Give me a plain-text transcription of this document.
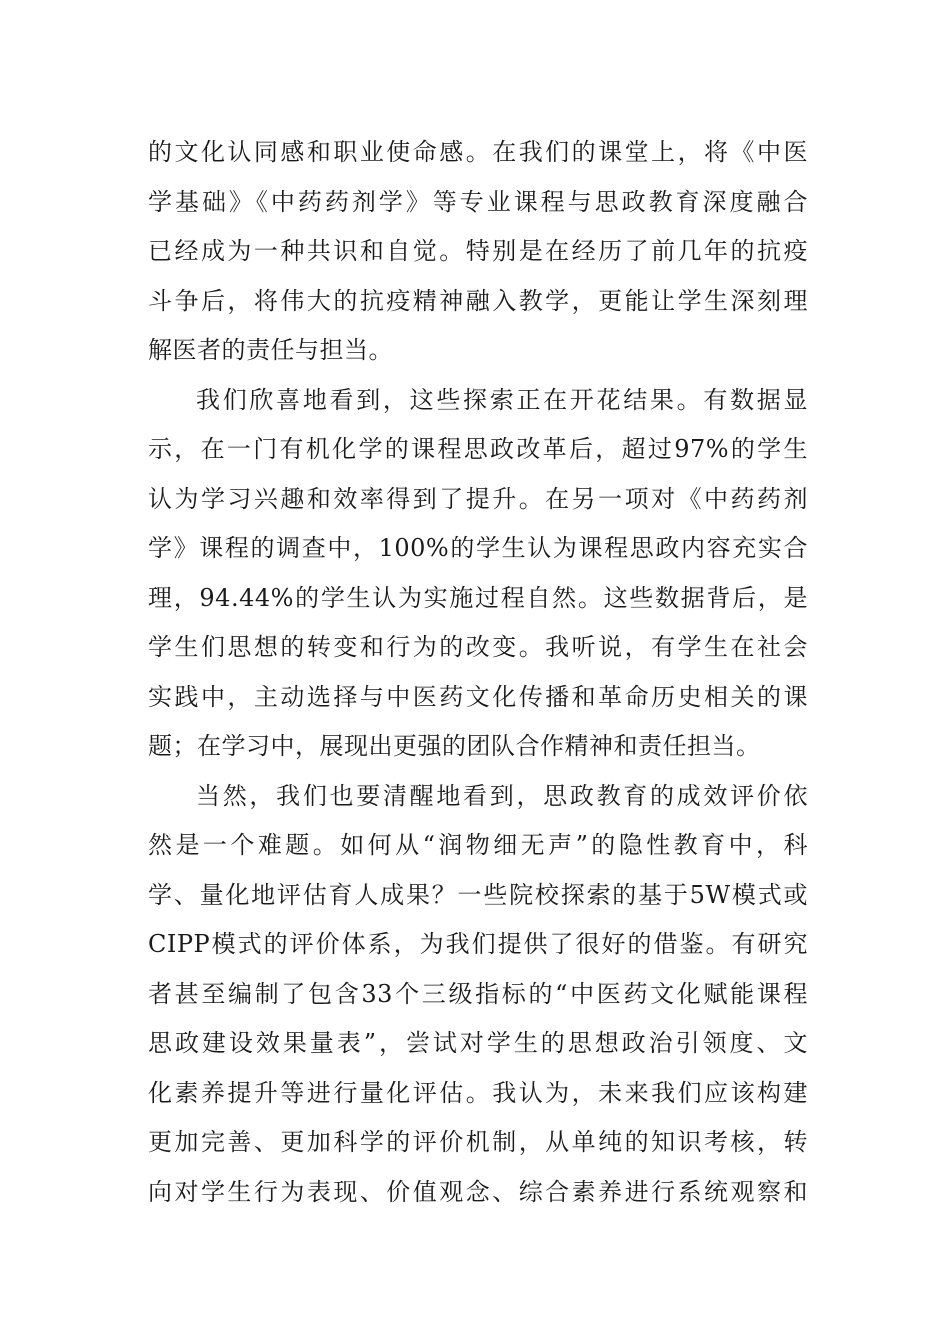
的文化认同感和职业使命感。在我们的课堂上，将《中医
学基础》《中药药剂学》等专业课程与思政教育深度融合
已经成为一种共识和自觉。特别是在经历了前几年的抗疫
斗争后，将伟大的抗疫精神融入教学，更能让学生深刻理
解医者的责任与担当。
我们欣喜地看到，这些探索正在开花结果。有数据显
示，在一门有机化学的课程思政改革后，超过97%的学生
认为学习兴趣和效率得到了提升。在另一项对《中药药剂
学》课程的调查中，100%的学生认为课程思政内容充实合
理，94.44%的学生认为实施过程自然。这些数据背后，是
学生们思想的转变和行为的改变。我听说，有学生在社会
实践中，主动选择与中医药文化传播和革命历史相关的课
题；在学习中，展现出更强的团队合作精神和责任担当。
当然，我们也要清醒地看到，思政教育的成效评价依
然是一个难题。如何从“润物细无声”的隐性教育中，科
学、量化地评估育人成果？一些院校探索的基于5W模式或
CIPP模式的评价体系，为我们提供了很好的借鉴。有研究
者甚至编制了包含33个三级指标的“中医药文化赋能课程
思政建设效果量表”，尝试对学生的思想政治引领度、文
化素养提升等进行量化评估。我认为，未来我们应该构建
更加完善、更加科学的评价机制，从单纯的知识考核，转
向对学生行为表现、价值观念、综合素养进行系统观察和
